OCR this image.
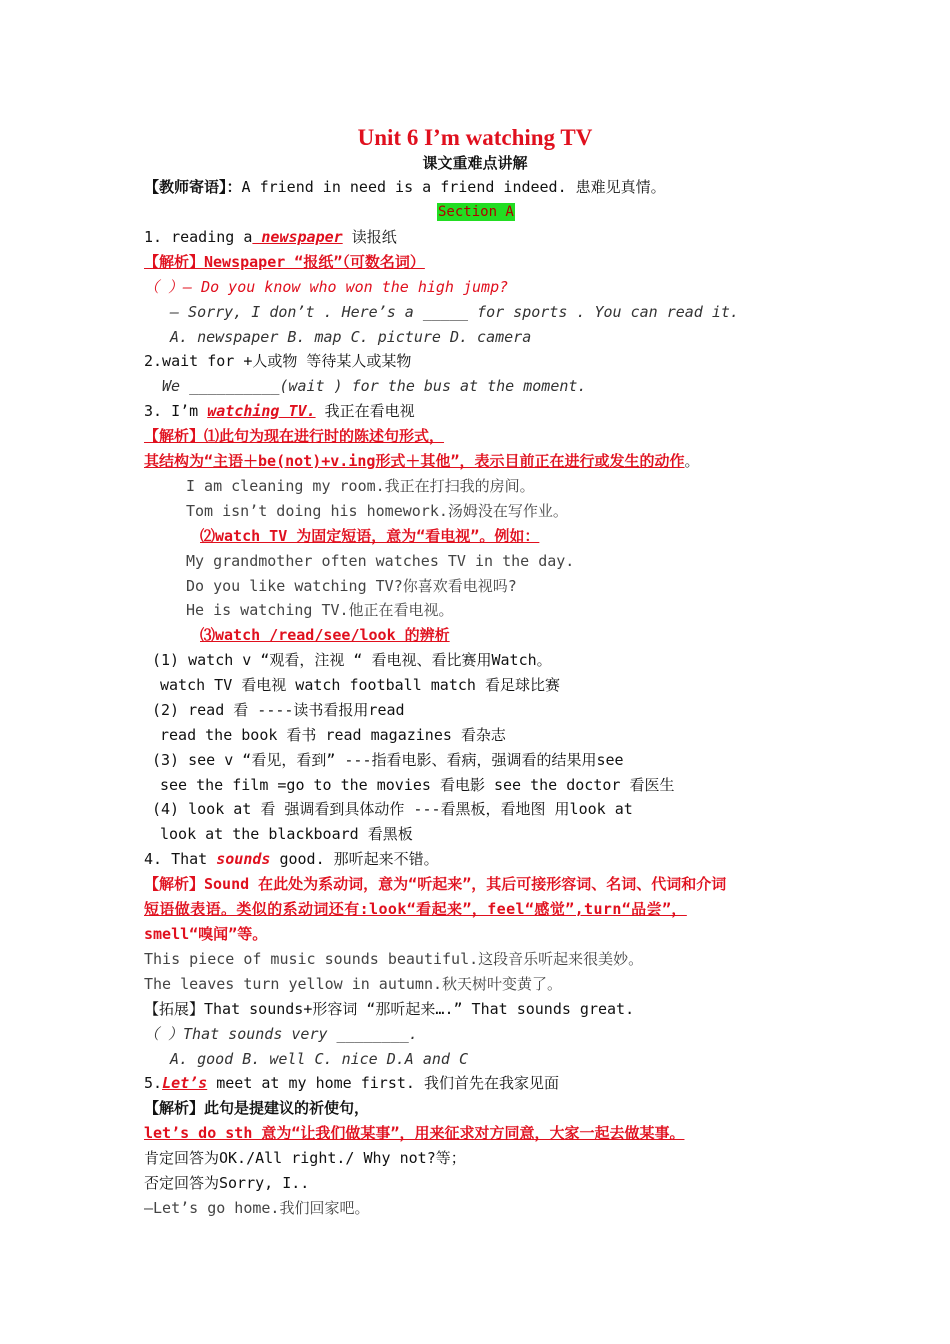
Unit 6 I’m watching TV
课文重难点讲解
【教师寄语】：A friend in need is a friend indeed. 患难见真情。
Section A
1. reading a newspaper 读报纸
【解析】Newspaper “报纸”（可数名词）
（ ）— Do you know who won the high jump?
— Sorry, I don’t . Here’s a _____ for sports . You can read it.
A. newspaper B. map C. picture D. camera
2.wait for +人或物 等待某人或某物
We __________(wait ) for the bus at the moment.
3. I’m watching TV. 我正在看电视
【解析】⑴此句为现在进行时的陈述句形式，
其结构为“主语＋be(not)+v.ing形式＋其他”，表示目前正在进行或发生的动作。
I am cleaning my room.我正在打扫我的房间。
Tom isn’t doing his homework.汤姆没在写作业。
⑵watch TV 为固定短语，意为“看电视”。例如：
My grandmother often watches TV in the day.
Do you like watching TV?你喜欢看电视吗?
He is watching TV.他正在看电视。
⑶watch /read/see/look 的辨析
(1) watch v “观看，注视 “ 看电视、看比赛用Watch。
watch TV 看电视 watch football match 看足球比赛
(2) read 看 ----读书看报用read
read the book 看书 read magazines 看杂志
(3) see v “看见，看到” ---指看电影、看病，强调看的结果用see
see the film =go to the movies 看电影 see the doctor 看医生
(4) look at 看 强调看到具体动作 ---看黑板，看地图 用look at
look at the blackboard 看黑板
4. That sounds good. 那听起来不错。
【解析】Sound 在此处为系动词，意为“听起来”，其后可接形容词、名词、代词和介词
短语做表语。类似的系动词还有:look“看起来”，feel“感觉”,turn“品尝”，
smell“嗅闻”等。
This piece of music sounds beautiful.这段音乐听起来很美妙。
The leaves turn yellow in autumn.秋天树叶变黄了。
【拓展】That sounds+形容词 “那听起来….” That sounds great.
（ ）That sounds very ________.
A. good B. well C. nice D.A and C
5.Let’s meet at my home first. 我们首先在我家见面
【解析】此句是提建议的祈使句，
let’s do sth 意为“让我们做某事”，用来征求对方同意，大家一起去做某事。
肯定回答为OK./All right./ Why not?等；
否定回答为Sorry, I..
—Let’s go home.我们回家吧。
